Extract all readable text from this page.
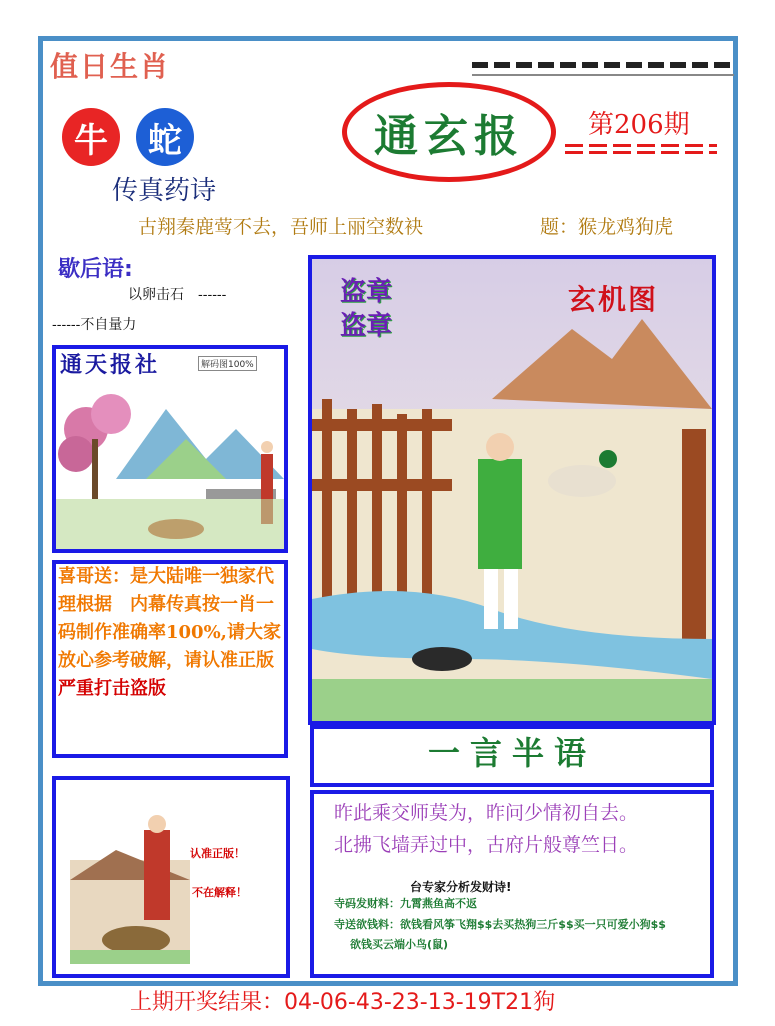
值日生肖
牛	蛇
传真药诗
通玄报	第206期
古翔秦鹿莺不去，吾师上丽空数袂	题：猴龙鸡狗虎
歇后语:
以卵击石　------
------不自量力
通天报社	解码图100%
喜哥送：是大陆唯一独家代理根据　内幕传真按一肖一码制作准确率100%,请大家放心参考破解，请认准正版严重打击盗版
认准正版！
不在解释！
盗章
盗章
玄机图
一言半语
昨此乘交师莫为，昨问少情初自去。
北拂飞墙弄过中，古府片般尊竺日。
台专家分析发财诗!
寺码发财料：九霄燕鱼高不返
寺送欲钱料：欲钱看风筝飞翔$$去买热狗三斤$$买一只可爱小狗$$
欲钱买云端小鸟(鼠)
上期开奖结果：04-06-43-23-13-19T21狗
